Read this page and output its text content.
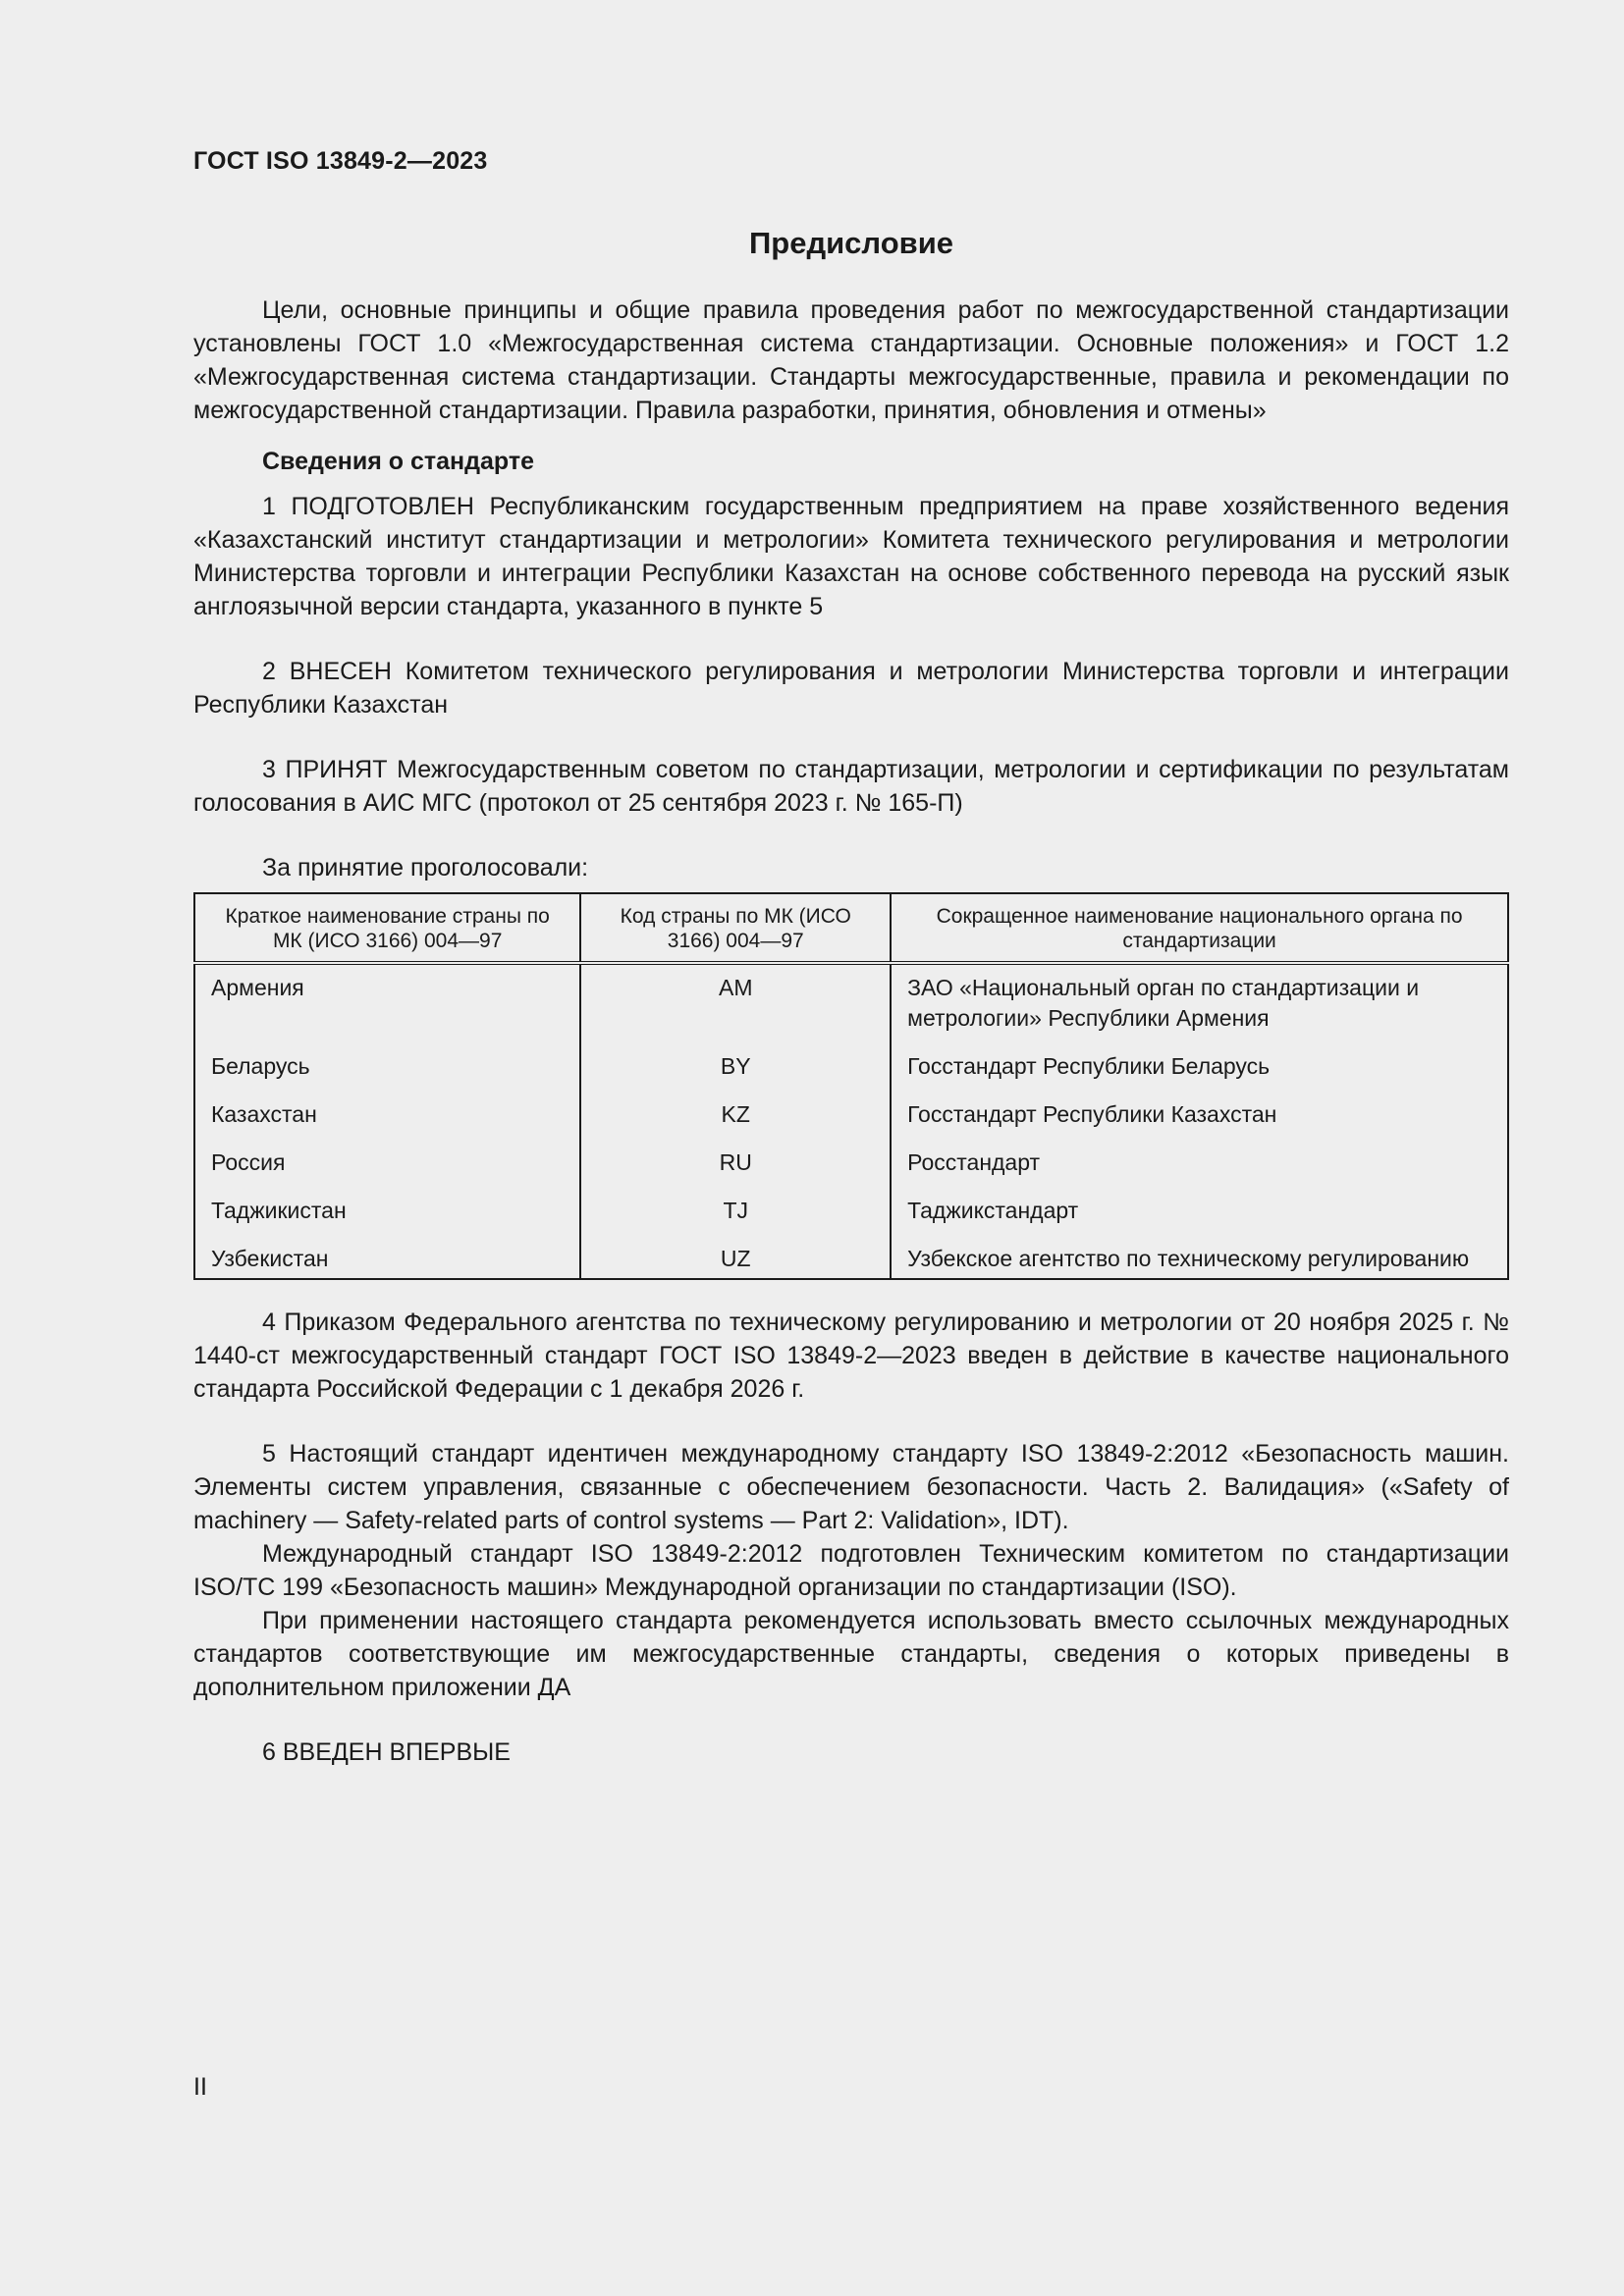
ГОСТ ISO 13849-2—2023
Предисловие

Цели, основные принципы и общие правила проведения работ по межгосударственной стандартизации установлены ГОСТ 1.0 «Межгосударственная система стандартизации. Основные положения» и ГОСТ 1.2 «Межгосударственная система стандартизации. Стандарты межгосударственные, правила и рекомендации по межгосударственной стандартизации. Правила разработки, принятия, обновления и отмены»

Сведения о стандарте

1 ПОДГОТОВЛЕН Республиканским государственным предприятием на праве хозяйственного ведения «Казахстанский институт стандартизации и метрологии» Комитета технического регулирования и метрологии Министерства торговли и интеграции Республики Казахстан на основе собственного перевода на русский язык англоязычной версии стандарта, указанного в пункте 5

2 ВНЕСЕН Комитетом технического регулирования и метрологии Министерства торговли и интеграции Республики Казахстан

3 ПРИНЯТ Межгосударственным советом по стандартизации, метрологии и сертификации по результатам голосования в АИС МГС (протокол от 25 сентября 2023 г. № 165-П)

За принятие проголосовали:

Краткое наименование страны по МК (ИСО 3166) 004—97	Код страны по МК (ИСО 3166) 004—97	Сокращенное наименование национального органа по стандартизации
Армения	AM	ЗАО «Национальный орган по стандартизации и метрологии» Республики Армения
Беларусь	BY	Госстандарт Республики Беларусь
Казахстан	KZ	Госстандарт Республики Казахстан
Россия	RU	Росстандарт
Таджикистан	TJ	Таджикстандарт
Узбекистан	UZ	Узбекское агентство по техническому регулированию

4 Приказом Федерального агентства по техническому регулированию и метрологии от 20 ноября 2025 г. № 1440-ст межгосударственный стандарт ГОСТ ISO 13849-2—2023 введен в действие в качестве национального стандарта Российской Федерации с 1 декабря 2026 г.

5 Настоящий стандарт идентичен международному стандарту ISO 13849-2:2012 «Безопасность машин. Элементы систем управления, связанные с обеспечением безопасности. Часть 2. Валидация» («Safety of machinery — Safety-related parts of control systems — Part 2: Validation», IDT).

Международный стандарт ISO 13849-2:2012 подготовлен Техническим комитетом по стандартизации ISO/TC 199 «Безопасность машин» Международной организации по стандартизации (ISO).

При применении настоящего стандарта рекомендуется использовать вместо ссылочных международных стандартов соответствующие им межгосударственные стандарты, сведения о которых приведены в дополнительном приложении ДА

6 ВВЕДЕН ВПЕРВЫЕ

II
